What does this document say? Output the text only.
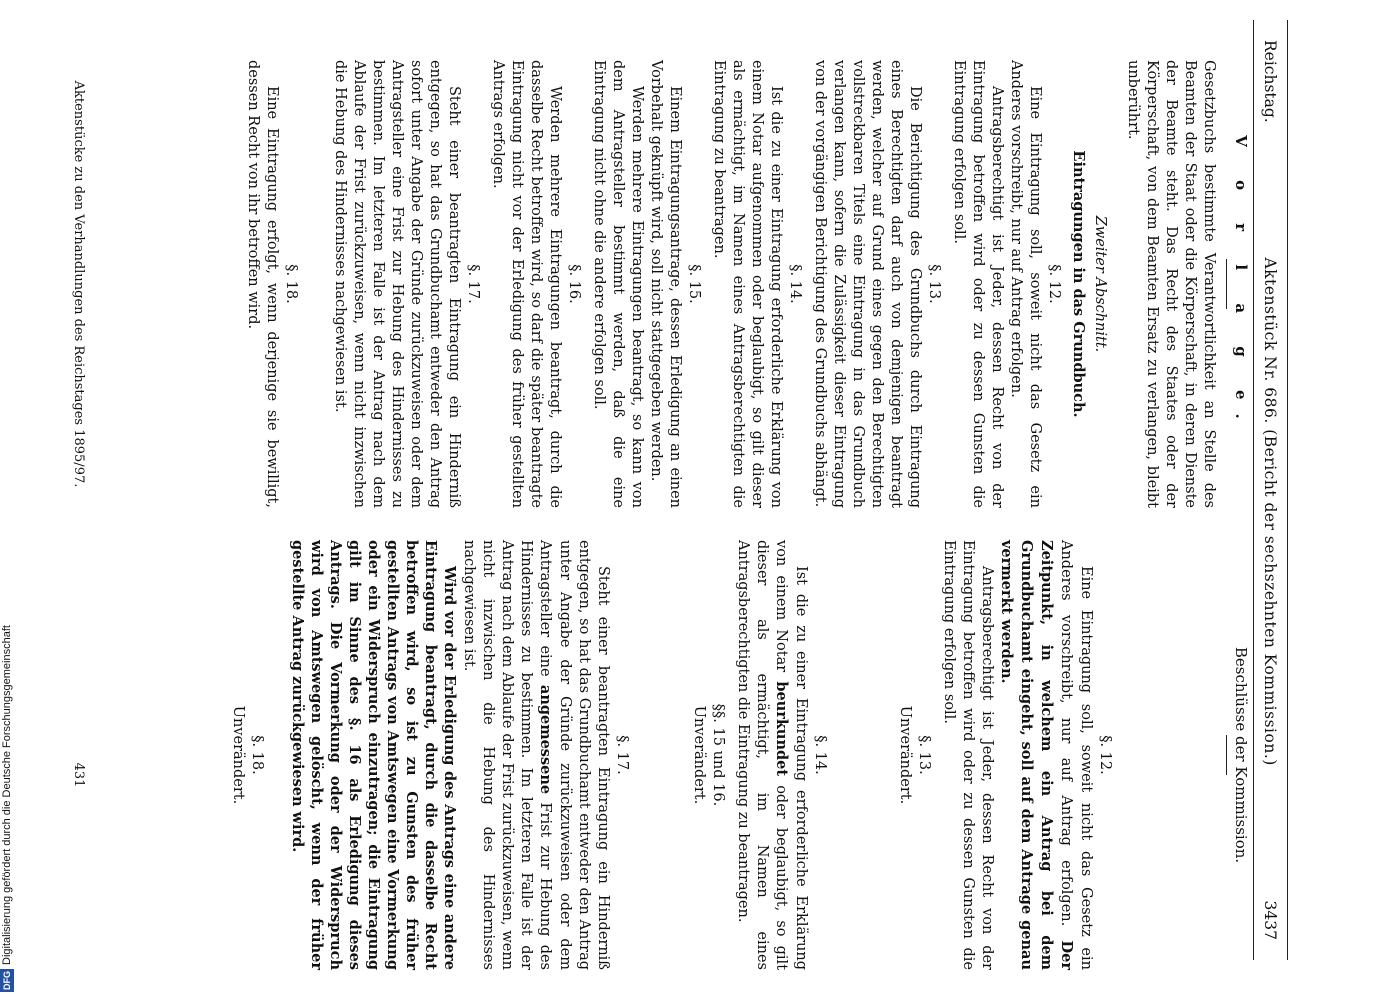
Reichstag.
Aktenstück Nr. 686. (Bericht der sechszehnten Kommission.)
3437
V o r l a g e.

Gesetzbuchs bestimmte Verantwortlichkeit an Stelle des Beamten der Staat oder die Körperschaft, in deren Dienste der Beamte steht. Das Recht des Staates oder der Körperschaft, von dem Beamten Ersatz zu verlangen, bleibt unberührt.

Zweiter Abschnitt.
Eintragungen in das Grundbuch.
§. 12.

Eine Eintragung soll, soweit nicht das Gesetz ein Anderes vorschreibt, nur auf Antrag erfolgen.

Antragsberechtigt ist Jeder, dessen Recht von der Eintragung betroffen wird oder zu dessen Gunsten die Eintragung erfolgen soll.

§. 13.

Die Berichtigung des Grundbuchs durch Eintragung eines Berechtigten darf auch von demjenigen beantragt werden, welcher auf Grund eines gegen den Berechtigten vollstreckbaren Titels eine Eintragung in das Grundbuch verlangen kann, sofern die Zulässigkeit dieser Eintragung von der vorgängigen Berichtigung des Grundbuchs abhängt.

§. 14.

Ist die zu einer Eintragung erforderliche Erklärung von einem Notar aufgenommen oder beglaubigt, so gilt dieser als ermächtigt, im Namen eines Antragsberechtigten die Eintragung zu beantragen.

§. 15.

Einem Eintragungsantrage, dessen Erledigung an einen Vorbehalt geknüpft wird, soll nicht stattgegeben werden.

Werden mehrere Eintragungen beantragt, so kann von dem Antragsteller bestimmt werden, daß die eine Eintragung nicht ohne die andere erfolgen soll.

§. 16.

Werden mehrere Eintragungen beantragt, durch die dasselbe Recht betroffen wird, so darf die später beantragte Eintragung nicht vor der Erledigung des früher gestellten Antrags erfolgen.

§. 17.

Steht einer beantragten Eintragung ein Hinderniß entgegen, so hat das Grundbuchamt entweder den Antrag sofort unter Angabe der Gründe zurückzuweisen oder dem Antragsteller eine Frist zur Hebung des Hindernisses zu bestimmen. Im letzteren Falle ist der Antrag nach dem Ablaufe der Frist zurückzuweisen, wenn nicht inzwischen die Hebung des Hindernisses nachgewiesen ist.

§. 18.

Eine Eintragung erfolgt, wenn derjenige sie bewilligt, dessen Recht von ihr betroffen wird.

Aktenstücke zu den Verhandlungen des Reichstages 1895/97.
Beschlüsse der Kommission.
§. 12.

Eine Eintragung soll, soweit nicht das Gesetz ein Anderes vorschreibt, nur auf Antrag erfolgen. Der Zeitpunkt, in welchem ein Antrag bei dem Grundbuchamt eingeht, soll auf dem Antrage genau vermerkt werden.

Antragsberechtigt ist Jeder, dessen Recht von der Eintragung betroffen wird oder zu dessen Gunsten die Eintragung erfolgen soll.

§. 13.
Unverändert.
§. 14.

Ist die zu einer Eintragung erforderliche Erklärung von einem Notar beurkundet oder beglaubigt, so gilt dieser als ermächtigt, im Namen eines Antragsberechtigten die Eintragung zu beantragen.

§§. 15 und 16.
Unverändert.
§. 17.

Steht einer beantragten Eintragung ein Hinderniß entgegen, so hat das Grundbuchamt entweder den Antrag unter Angabe der Gründe zurückzuweisen oder dem Antragsteller eine angemessene Frist zur Hebung des Hindernisses zu bestimmen. Im letzteren Falle ist der Antrag nach dem Ablaufe der Frist zurückzuweisen, wenn nicht inzwischen die Hebung des Hindernisses nachgewiesen ist.

Wird vor der Erledigung des Antrags eine andere Eintragung beantragt, durch die dasselbe Recht betroffen wird, so ist zu Gunsten des früher gestellten Antrags von Amtswegen eine Vormerkung oder ein Widerspruch einzutragen; die Eintragung gilt im Sinne des §. 16 als Erledigung dieses Antrags. Die Vormerkung oder der Widerspruch wird von Amtswegen gelöscht, wenn der früher gestellte Antrag zurückgewiesen wird.

§. 18.
Unverändert.
431
DFG
Digitalisierung gefördert durch die Deutsche Forschungsgemeinschaft
